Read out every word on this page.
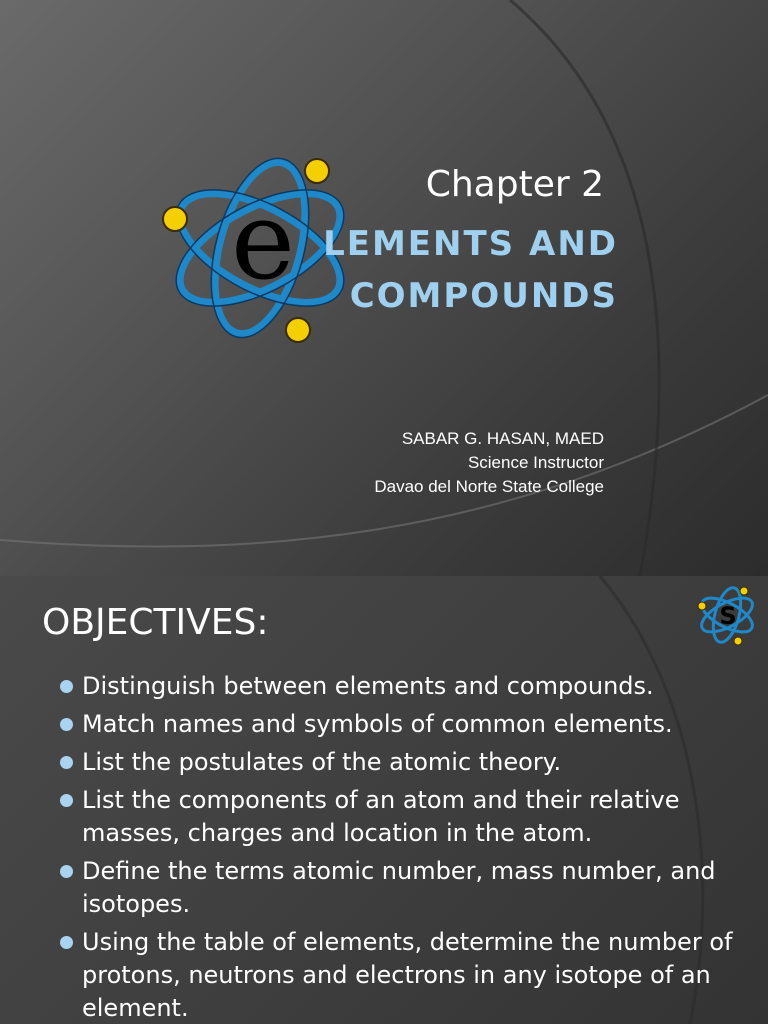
e	Chapter 2
LEMENTS AND
COMPOUNDS
SABAR G. HASAN, MAED
Science Instructor
Davao del Norte State College
OBJECTIVES:	S
Distinguish between elements and compounds.
Match names and symbols of common elements.
List the postulates of the atomic theory.
List the components of an atom and their relative masses, charges and location in the atom.
Define the terms atomic number, mass number, and isotopes.
Using the table of elements, determine the number of protons, neutrons and electrons in any isotope of an element.
